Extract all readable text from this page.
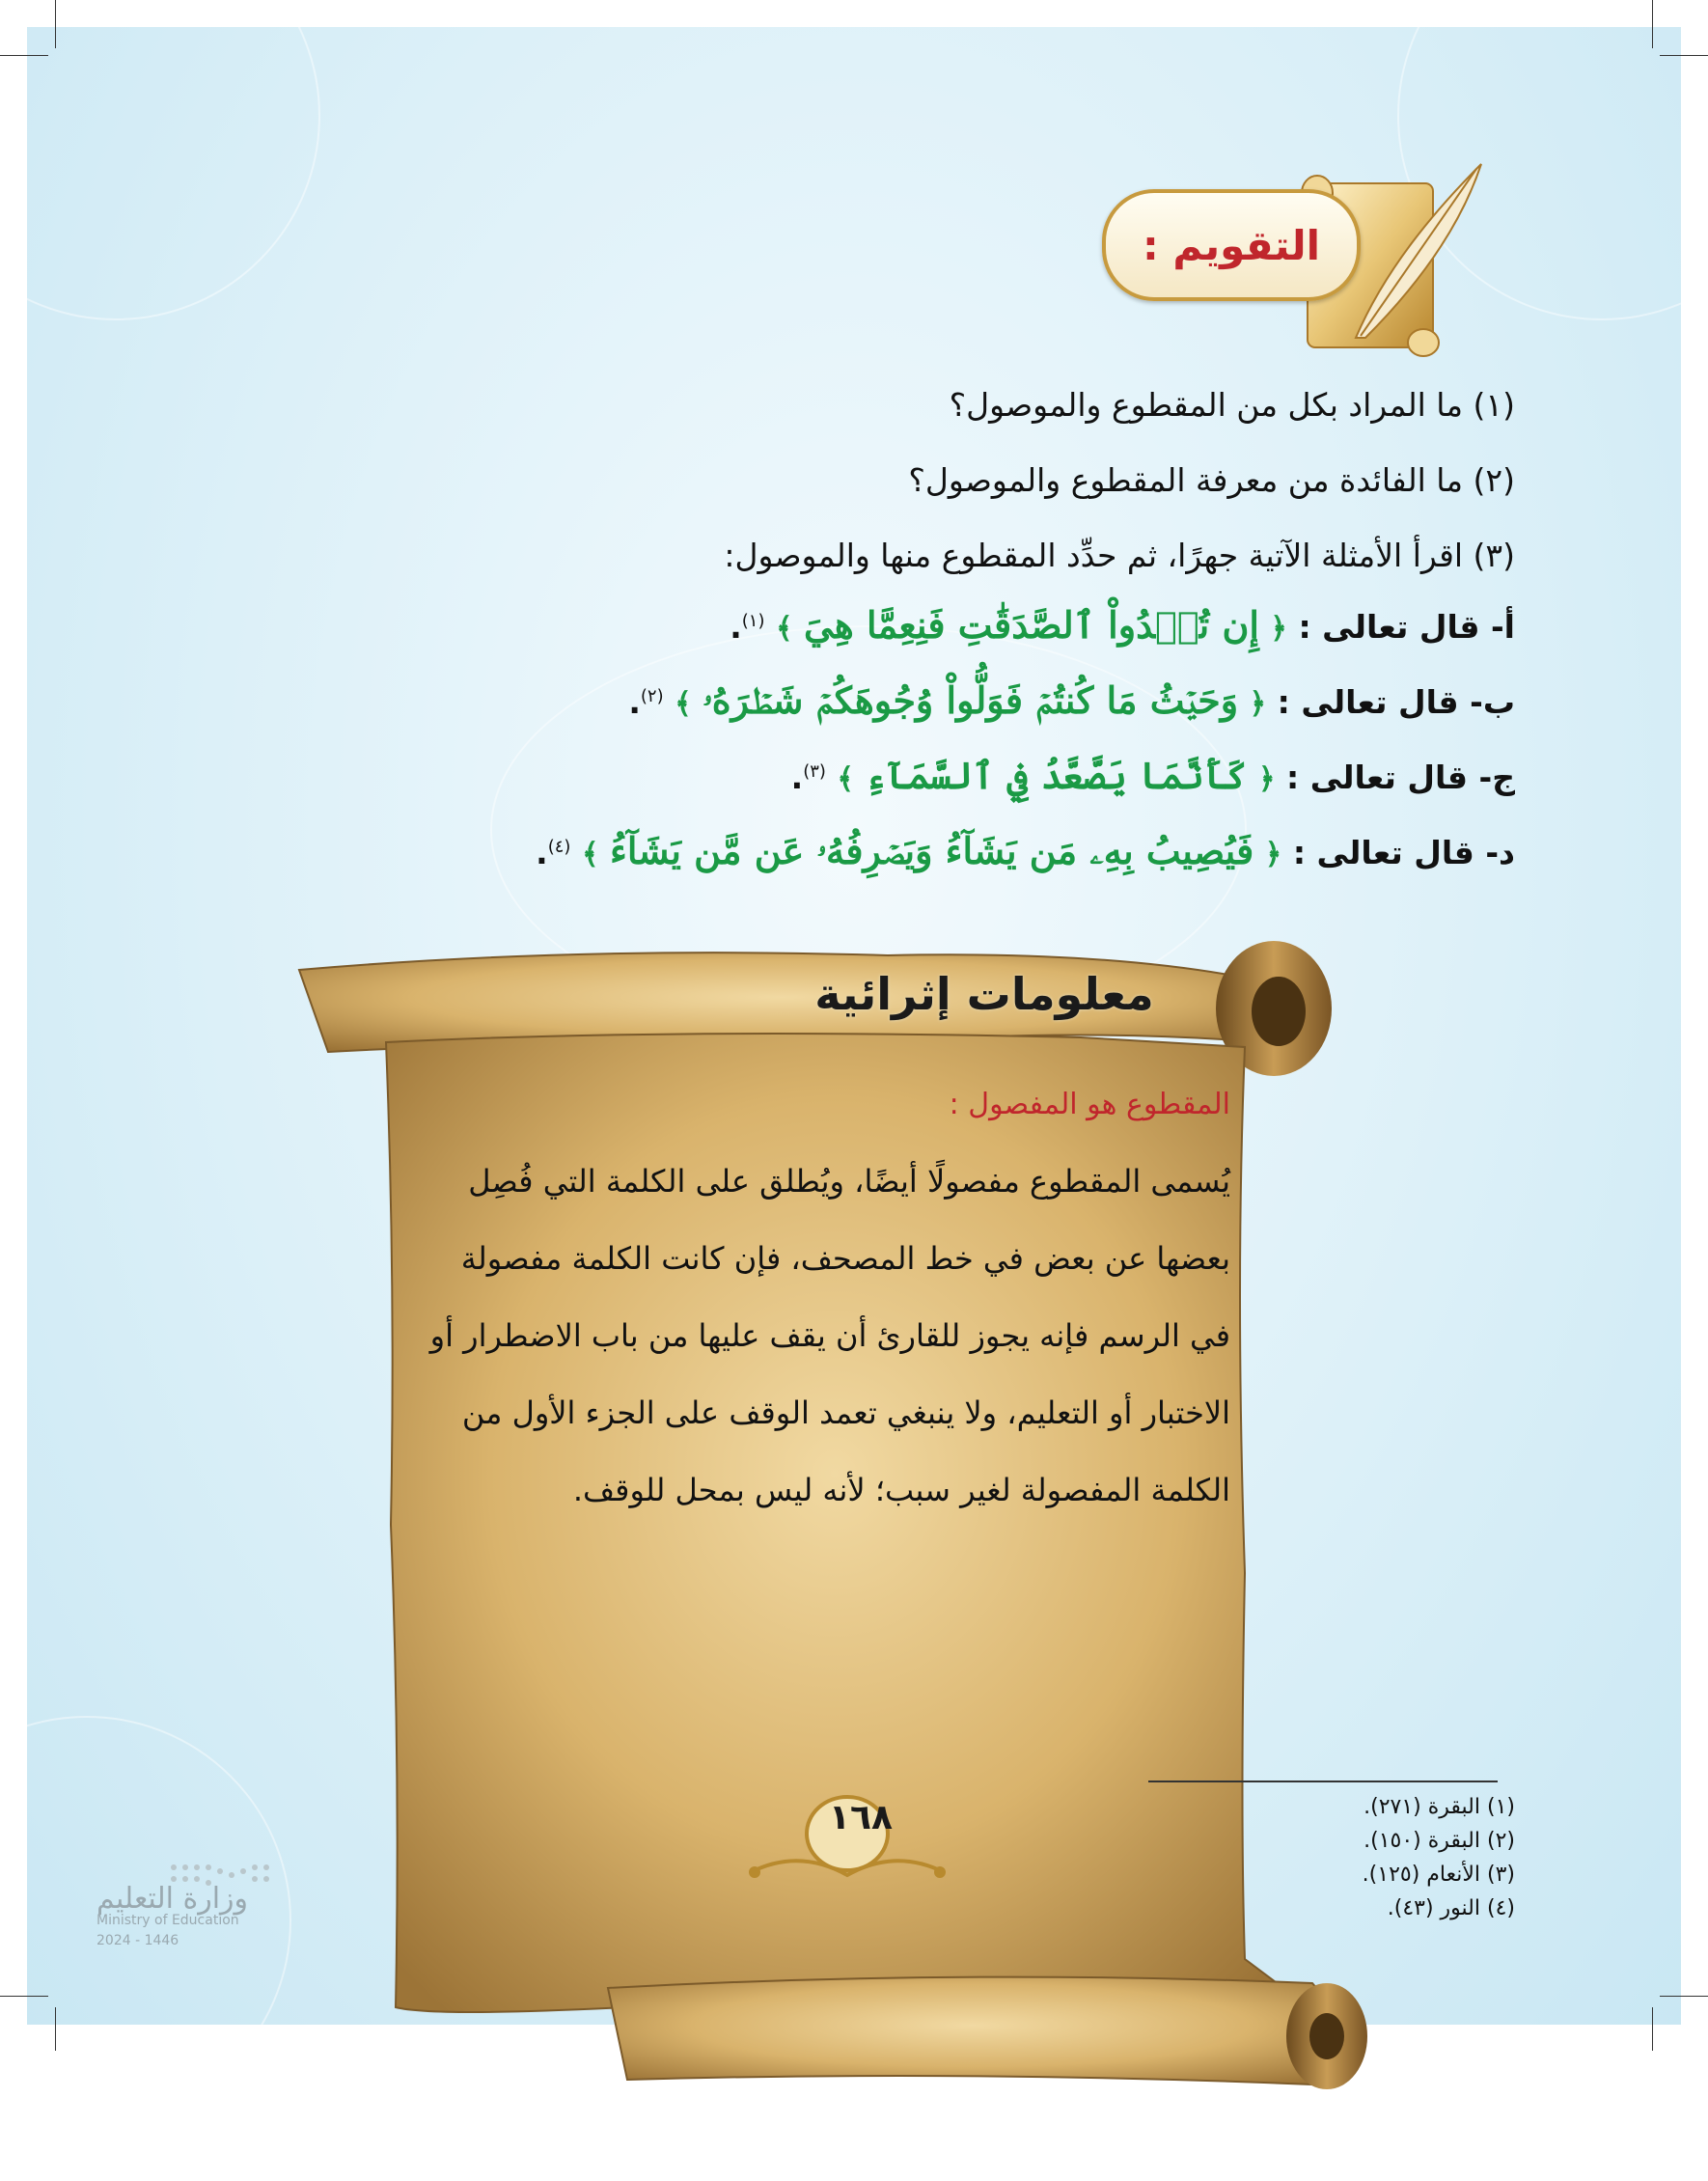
التقويم :
(١) ما المراد بكل من المقطوع والموصول؟
(٢) ما الفائدة من معرفة المقطوع والموصول؟
(٣) اقرأ الأمثلة الآتية جهرًا، ثم حدِّد المقطوع منها والموصول:
أ- قال تعالى : ﴿ إِن تُبۡدُواْ ٱلصَّدَقَٰتِ فَنِعِمَّا هِيَ ﴾ $^{(١)}$.
ب- قال تعالى : ﴿ وَحَيۡثُ مَا كُنتُمۡ فَوَلُّواْ وُجُوهَكُمۡ شَطۡرَهُۥ ﴾ $^{(٢)}$.
ج- قال تعالى : ﴿ كَأَنَّمَا يَصَّعَّدُ فِي ٱلسَّمَآءِ ﴾ $^{(٣)}$.
د- قال تعالى : ﴿ فَيُصِيبُ بِهِۦ مَن يَشَآءُ وَيَصۡرِفُهُۥ عَن مَّن يَشَآءُ ﴾ $^{(٤)}$.
معلومات إثرائية
المقطوع هو المفصول :
يُسمى المقطوع مفصولًا أيضًا، ويُطلق على الكلمة التي فُصِل
بعضها عن بعض في خط المصحف، فإن كانت الكلمة مفصولة
في الرسم فإنه يجوز للقارئ أن يقف عليها من باب الاضطرار أو
الاختبار أو التعليم، ولا ينبغي تعمد الوقف على الجزء الأول من
الكلمة المفصولة لغير سبب؛ لأنه ليس بمحل للوقف.
(١) البقرة (٢٧١).
(٢) البقرة (١٥٠).
(٣) الأنعام (١٢٥).
(٤) النور (٤٣).
١٦٨
وزارة التعليم
Ministry of Education
2024 - 1446
